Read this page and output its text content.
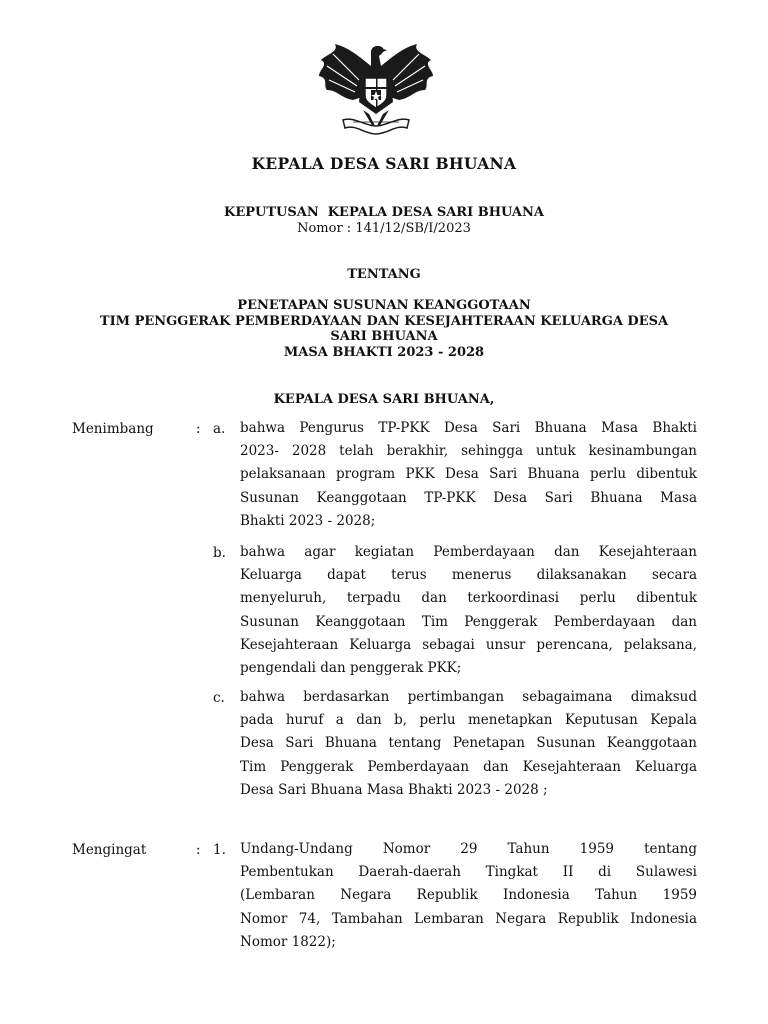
KEPALA DESA SARI BHUANA
KEPUTUSAN  KEPALA DESA SARI BHUANA
Nomor : 141/12/SB/I/2023
TENTANG
PENETAPAN SUSUNAN KEANGGOTAAN
TIM PENGGERAK PEMBERDAYAAN DAN KESEJAHTERAAN KELUARGA DESA
SARI BHUANA
MASA BHAKTI 2023 - 2028
KEPALA DESA SARI BHUANA,
Menimbang	: a. bahwa Pengurus TP-PKK Desa Sari Bhuana Masa Bhakti
2023- 2028 telah berakhir, sehingga untuk kesinambungan
pelaksanaan program PKK Desa Sari Bhuana perlu dibentuk
Susunan Keanggotaan TP-PKK Desa Sari Bhuana Masa
Bhakti 2023 - 2028;
b. bahwa agar kegiatan Pemberdayaan dan Kesejahteraan
Keluarga dapat terus menerus dilaksanakan secara
menyeluruh, terpadu dan terkoordinasi perlu dibentuk
Susunan Keanggotaan Tim Penggerak Pemberdayaan dan
Kesejahteraan Keluarga sebagai unsur perencana, pelaksana,
pengendali dan penggerak PKK;
c. bahwa berdasarkan pertimbangan sebagaimana dimaksud
pada huruf a dan b, perlu menetapkan Keputusan Kepala
Desa Sari Bhuana tentang Penetapan Susunan Keanggotaan
Tim Penggerak Pemberdayaan dan Kesejahteraan Keluarga
Desa Sari Bhuana Masa Bhakti 2023 - 2028 ;
Mengingat	: 1. Undang-Undang Nomor 29 Tahun 1959 tentang
Pembentukan Daerah-daerah Tingkat II di Sulawesi
(Lembaran Negara Republik Indonesia Tahun 1959
Nomor 74, Tambahan Lembaran Negara Republik Indonesia
Nomor 1822);
